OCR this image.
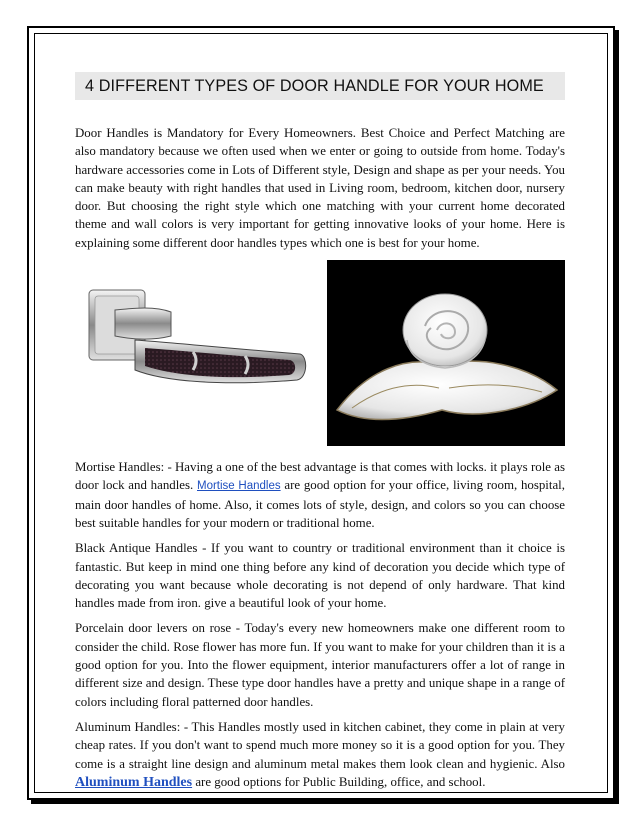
4 DIFFERENT TYPES OF DOOR HANDLE FOR YOUR HOME

Door Handles is Mandatory for Every Homeowners. Best Choice and Perfect Matching are also mandatory because we often used when we enter or going to outside from home. Today's hardware accessories come in Lots of Different style, Design and shape as per your needs. You can make beauty with right handles that used in Living room, bedroom, kitchen door, nursery door. But choosing the right style which one matching with your current home decorated theme and wall colors is very important for getting innovative looks of your home. Here is explaining some different door handles types which one is best for your home.

Mortise Handles: - Having a one of the best advantage is that comes with locks. it plays role as door lock and handles. Mortise Handles are good option for your office, living room, hospital, main door handles of home. Also, it comes lots of style, design, and colors so you can choose best suitable handles for your modern or traditional home.

Black Antique Handles - If you want to country or traditional environment than it choice is fantastic. But keep in mind one thing before any kind of decoration you decide which type of decorating you want because whole decorating is not depend of only hardware. That kind handles made from iron. give a beautiful look of your home.

Porcelain door levers on rose - Today's every new homeowners make one different room to consider the child. Rose flower has more fun. If you want to make for your children than it is a good option for you. Into the flower equipment, interior manufacturers offer a lot of range in different size and design. These type door handles have a pretty and unique shape in a range of colors including floral patterned door handles.

Aluminum Handles: - This Handles mostly used in kitchen cabinet, they come in plain at very cheap rates. If you don't want to spend much more money so it is a good option for you. They come is a straight line design and aluminum metal makes them look clean and hygienic. Also Aluminum Handles are good options for Public Building, office, and school.
